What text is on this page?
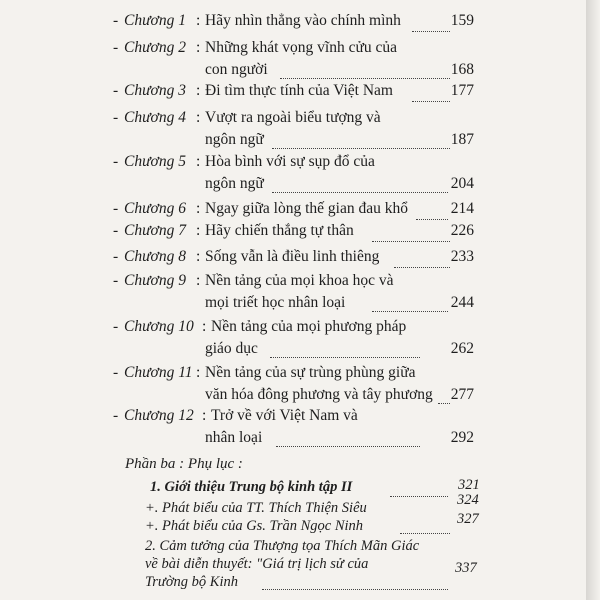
- Chương 1 : Hãy nhìn thẳng vào chính mình	159
- Chương 2 : Những khát vọng vĩnh cửu của
con người	168
- Chương 3 : Đi tìm thực tính của Việt Nam	177
- Chương 4 : Vượt ra ngoài biểu tượng và
ngôn ngữ	187
- Chương 5 : Hòa bình với sự sụp đổ của
ngôn ngữ	204
- Chương 6 : Ngay giữa lòng thế gian đau khổ	214
- Chương 7 : Hãy chiến thắng tự thân	226
- Chương 8 : Sống vẫn là điều linh thiêng	233
- Chương 9 : Nền tảng của mọi khoa học và
mọi triết học nhân loại	244
- Chương 10 : Nền tảng của mọi phương pháp
giáo dục	262
- Chương 11 : Nền tảng của sự trùng phùng giữa
văn hóa đông phương và tây phương 277
- Chương 12 : Trở về với Việt Nam và
nhân loại	292
Phần ba : Phụ lục :
1. Giới thiệu Trung bộ kinh tập II	321
+. Phát biểu của TT. Thích Thiện Siêu	324
+. Phát biểu của Gs. Trần Ngọc Ninh	327
2. Cảm tưởng của Thượng tọa Thích Mãn Giác
về bài diễn thuyết: "Giá trị lịch sử của
Trường bộ Kinh
337
